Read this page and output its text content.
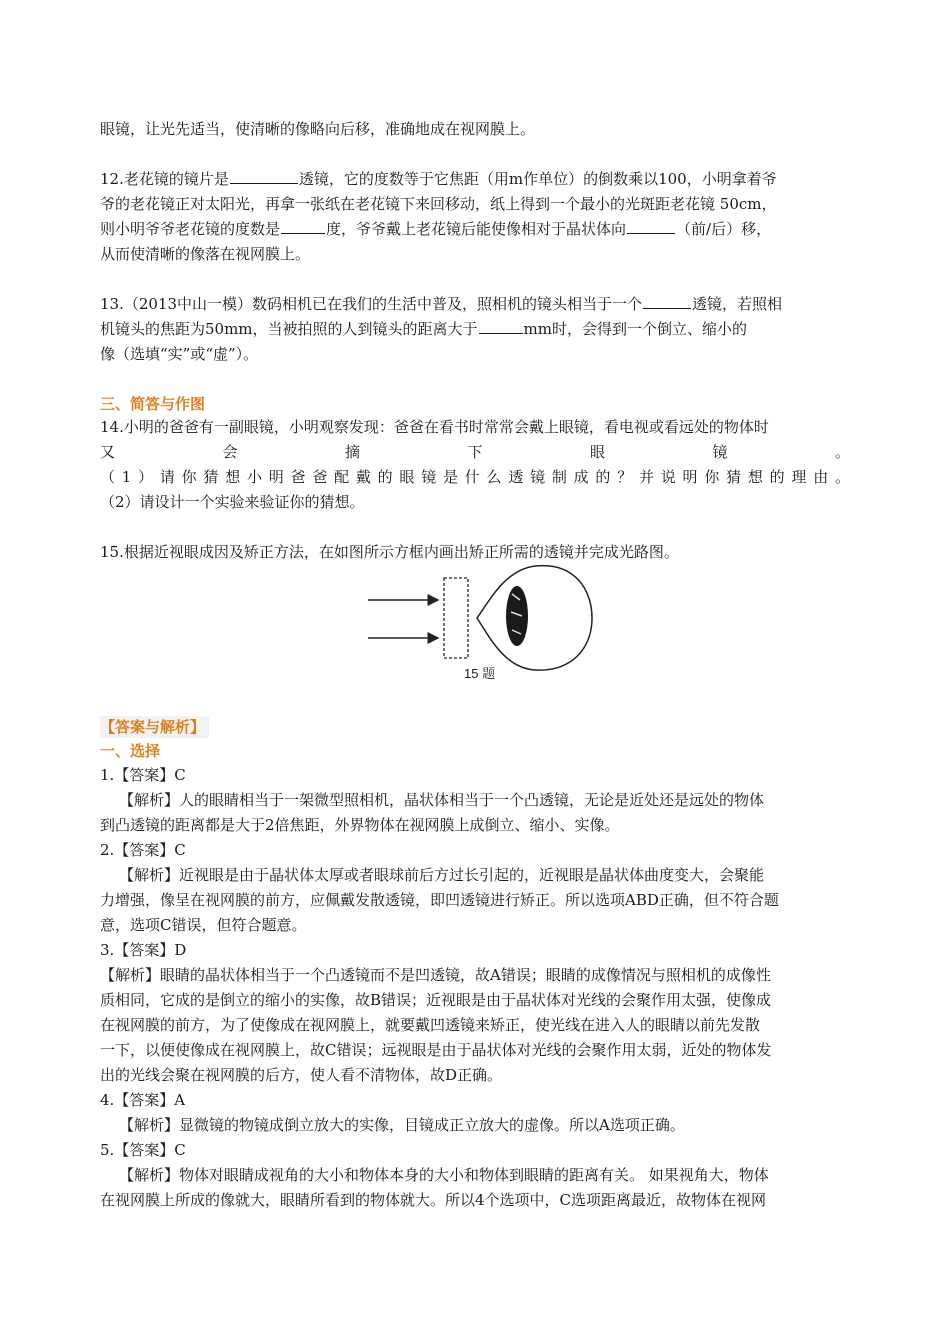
眼镜，让光先适当，使清晰的像略向后移，准确地成在视网膜上。
12.老花镜的镜片是	透镜，它的度数等于它焦距（用m作单位）的倒数乘以100，小明拿着爷
爷的老花镜正对太阳光，再拿一张纸在老花镜下来回移动，纸上得到一个最小的光斑距老花镜 50cm，
则小明爷爷老花镜的度数是	度，爷爷戴上老花镜后能使像相对于晶状体向	（前/后）移，
从而使清晰的像落在视网膜上。
13.（2013中山一模）数码相机已在我们的生活中普及，照相机的镜头相当于一个	透镜，若照相
机镜头的焦距为50mm，当被拍照的人到镜头的距离大于	mm时，会得到一个倒立、缩小的
像（选填“实”或“虚”）。
三、简答与作图
14.小明的爸爸有一副眼镜，小明观察发现：爸爸在看书时常常会戴上眼镜，看电视或看远处的物体时
又会摘下眼镜。
（1）请你猜想小明爸爸配戴的眼镜是什么透镜制成的？并说明你猜想的理由。
（2）请设计一个实验来验证你的猜想。
15.根据近视眼成因及矫正方法，在如图所示方框内画出矫正所需的透镜并完成光路图。
15 题
【答案与解析】
一、选择
1.【答案】C
【解析】人的眼睛相当于一架微型照相机，晶状体相当于一个凸透镜，无论是近处还是远处的物体
到凸透镜的距离都是大于2倍焦距，外界物体在视网膜上成倒立、缩小、实像。
2.【答案】C
【解析】近视眼是由于晶状体太厚或者眼球前后方过长引起的，近视眼是晶状体曲度变大，会聚能
力增强，像呈在视网膜的前方，应佩戴发散透镜，即凹透镜进行矫正。所以选项ABD正确，但不符合题
意，选项C错误，但符合题意。
3.【答案】D
【解析】眼睛的晶状体相当于一个凸透镜而不是凹透镜，故A错误；眼睛的成像情况与照相机的成像性
质相同，它成的是倒立的缩小的实像，故B错误；近视眼是由于晶状体对光线的会聚作用太强，使像成
在视网膜的前方，为了使像成在视网膜上，就要戴凹透镜来矫正，使光线在进入人的眼睛以前先发散
一下，以便使像成在视网膜上，故C错误；远视眼是由于晶状体对光线的会聚作用太弱，近处的物体发
出的光线会聚在视网膜的后方，使人看不清物体，故D正确。
4.【答案】A
【解析】显微镜的物镜成倒立放大的实像，目镜成正立放大的虚像。所以A选项正确。
5.【答案】C
【解析】物体对眼睛成视角的大小和物体本身的大小和物体到眼睛的距离有关。 如果视角大，物体
在视网膜上所成的像就大，眼睛所看到的物体就大。所以4个选项中，C选项距离最近，故物体在视网
